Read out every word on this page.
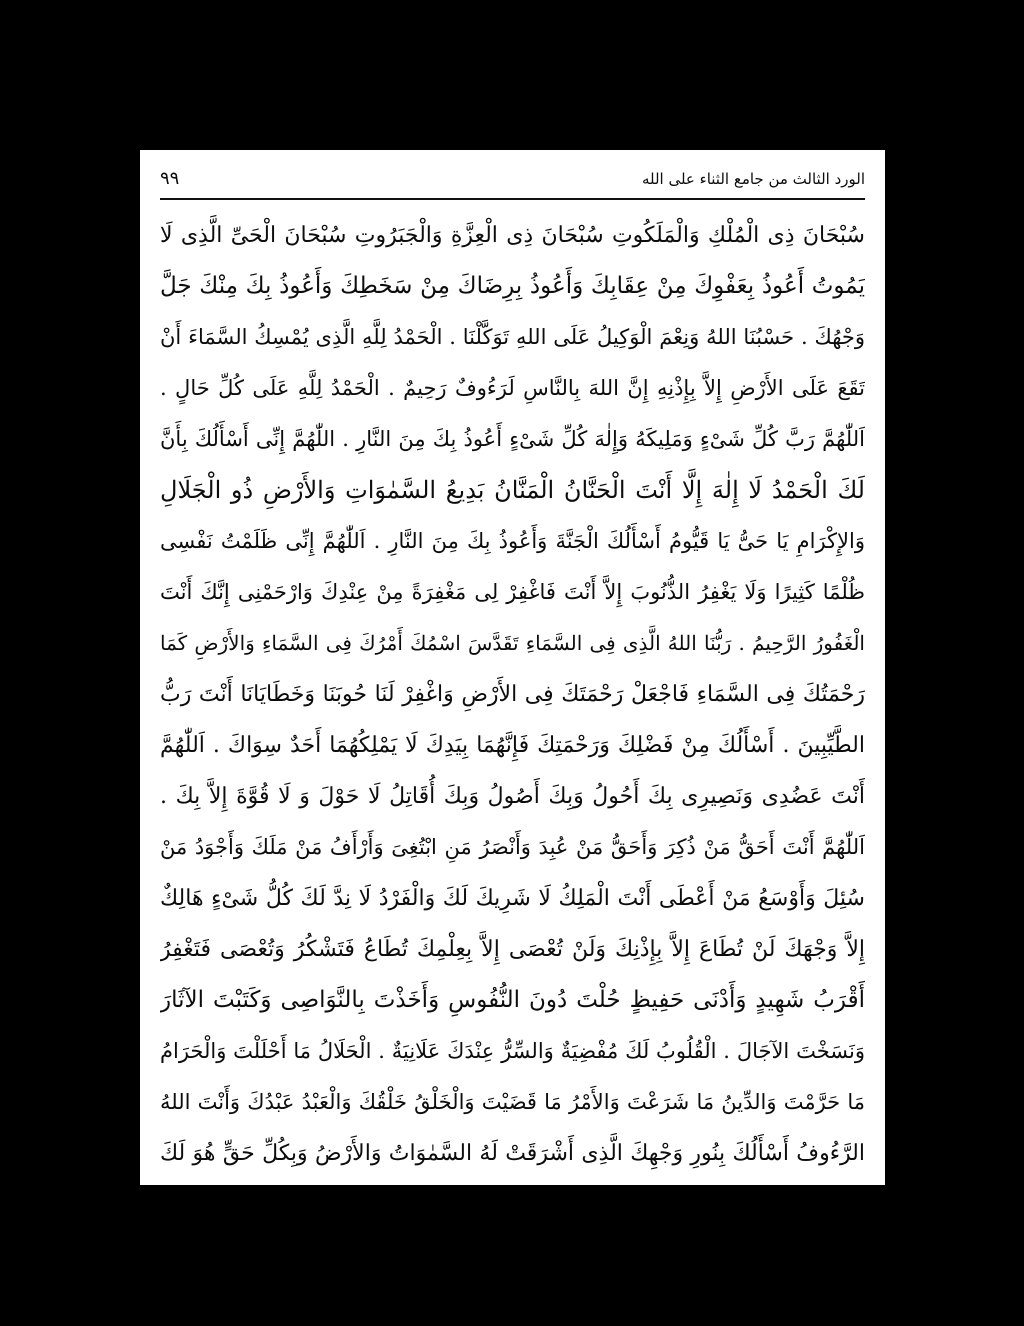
الورد الثالث من جامع الثناء على الله
٩٩
سُبْحَانَ ذِى الْمُلْكِ وَالْمَلَكُوتِ سُبْحَانَ ذِى الْعِزَّةِ وَالْجَبَرُوتِ سُبْحَانَ الْحَىِّ الَّذِى لَا
يَمُوتُ أَعُوذُ بِعَفْوِكَ مِنْ عِقَابِكَ وَأَعُوذُ بِرِضَاكَ مِنْ سَخَطِكَ وَأَعُوذُ بِكَ مِنْكَ جَلَّ
وَجْهُكَ . حَسْبُنَا اللهُ وَنِعْمَ الْوَكِيلُ عَلَى اللهِ تَوَكَّلْنَا . الْحَمْدُ لِلَّهِ الَّذِى يُمْسِكُ السَّمَاءَ أَنْ
تَقَعَ عَلَى الأَرْضِ إِلاَّ بِإِذْنِهِ إِنَّ اللهَ بِالنَّاسِ لَرَءُوفٌ رَحِيمٌ . الْحَمْدُ لِلَّهِ عَلَى كُلِّ حَالٍ .
اَللّٰهُمَّ رَبَّ كُلِّ شَىْءٍ وَمَلِيكَهُ وَإِلٰهَ كُلِّ شَىْءٍ أَعُوذُ بِكَ مِنَ النَّارِ . اللّٰهُمَّ إِنِّى أَسْأَلُكَ بِأَنَّ
لَكَ الْحَمْدُ لَا إِلٰهَ إِلَّا أَنْتَ الْحَنَّانُ الْمَنَّانُ بَدِيعُ السَّمٰوَاتِ وَالأَرْضِ ذُو الْجَلَالِ
وَالإِكْرَامِ يَا حَىُّ يَا قَيُّومُ أَسْأَلُكَ الْجَنَّةَ وَأَعُوذُ بِكَ مِنَ النَّارِ . اَللّٰهُمَّ إِنِّى ظَلَمْتُ نَفْسِى
ظُلْمًا كَثِيرًا وَلَا يَغْفِرُ الذُّنُوبَ إِلاَّ أَنْتَ فَاغْفِرْ لِى مَغْفِرَةً مِنْ عِنْدِكَ وَارْحَمْنِى إِنَّكَ أَنْتَ
الْغَفُورُ الرَّحِيمُ . رَبُّنَا اللهُ الَّذِى فِى السَّمَاءِ تَقَدَّسَ اسْمُكَ أَمْرُكَ فِى السَّمَاءِ وَالأَرْضِ كَمَا
رَحْمَتُكَ فِى السَّمَاءِ فَاجْعَلْ رَحْمَتَكَ فِى الأَرْضِ وَاغْفِرْ لَنَا حُوبَنَا وَخَطَايَانَا أَنْتَ رَبُّ
الطَّيِّبِينَ . أَسْأَلُكَ مِنْ فَضْلِكَ وَرَحْمَتِكَ فَإِنَّهُمَا بِيَدِكَ لَا يَمْلِكُهُمَا أَحَدٌ سِوَاكَ . اَللّٰهُمَّ
أَنْتَ عَضُدِى وَنَصِيرِى بِكَ أَحُولُ وَبِكَ أَصُولُ وَبِكَ أُقَاتِلُ لَا حَوْلَ وَ لَا قُوَّةَ إِلاَّ بِكَ .
اَللّٰهُمَّ أَنْتَ أَحَقُّ مَنْ ذُكِرَ وَأَحَقُّ مَنْ عُبِدَ وَأَنْصَرُ مَنِ ابْتُغِىَ وَأَرْأَفُ مَنْ مَلَكَ وَأَجْوَدُ مَنْ
سُئِلَ وَأَوْسَعُ مَنْ أَعْطَى أَنْتَ الْمَلِكُ لَا شَرِيكَ لَكَ وَالْفَرْدُ لَا نِدَّ لَكَ كُلُّ شَىْءٍ هَالِكٌ
إِلاَّ وَجْهَكَ لَنْ تُطَاعَ إِلاَّ بِإِذْنِكَ وَلَنْ تُعْصَى إِلاَّ بِعِلْمِكَ تُطَاعُ فَتَشْكُرُ وَتُعْصَى فَتَغْفِرُ
أَقْرَبُ شَهِيدٍ وَأَدْنَى حَفِيظٍ حُلْتَ دُونَ النُّفُوسِ وَأَخَذْتَ بِالنَّوَاصِى وَكَتَبْتَ الآثَارَ
وَنَسَخْتَ الآجَالَ . الْقُلُوبُ لَكَ مُفْضِيَةٌ وَالسِّرُّ عِنْدَكَ عَلَانِيَةٌ . الْحَلَالُ مَا أَحْلَلْتَ وَالْحَرَامُ
مَا حَرَّمْتَ وَالدِّينُ مَا شَرَعْتَ وَالأَمْرُ مَا قَضَيْتَ وَالْخَلْقُ خَلْقُكَ وَالْعَبْدُ عَبْدُكَ وَأَنْتَ اللهُ
الرَّءُوفُ أَسْأَلُكَ بِنُورِ وَجْهِكَ الَّذِى أَشْرَقَتْ لَهُ السَّمٰوَاتُ وَالأَرْضُ وَبِكُلِّ حَقٍّ هُوَ لَكَ
